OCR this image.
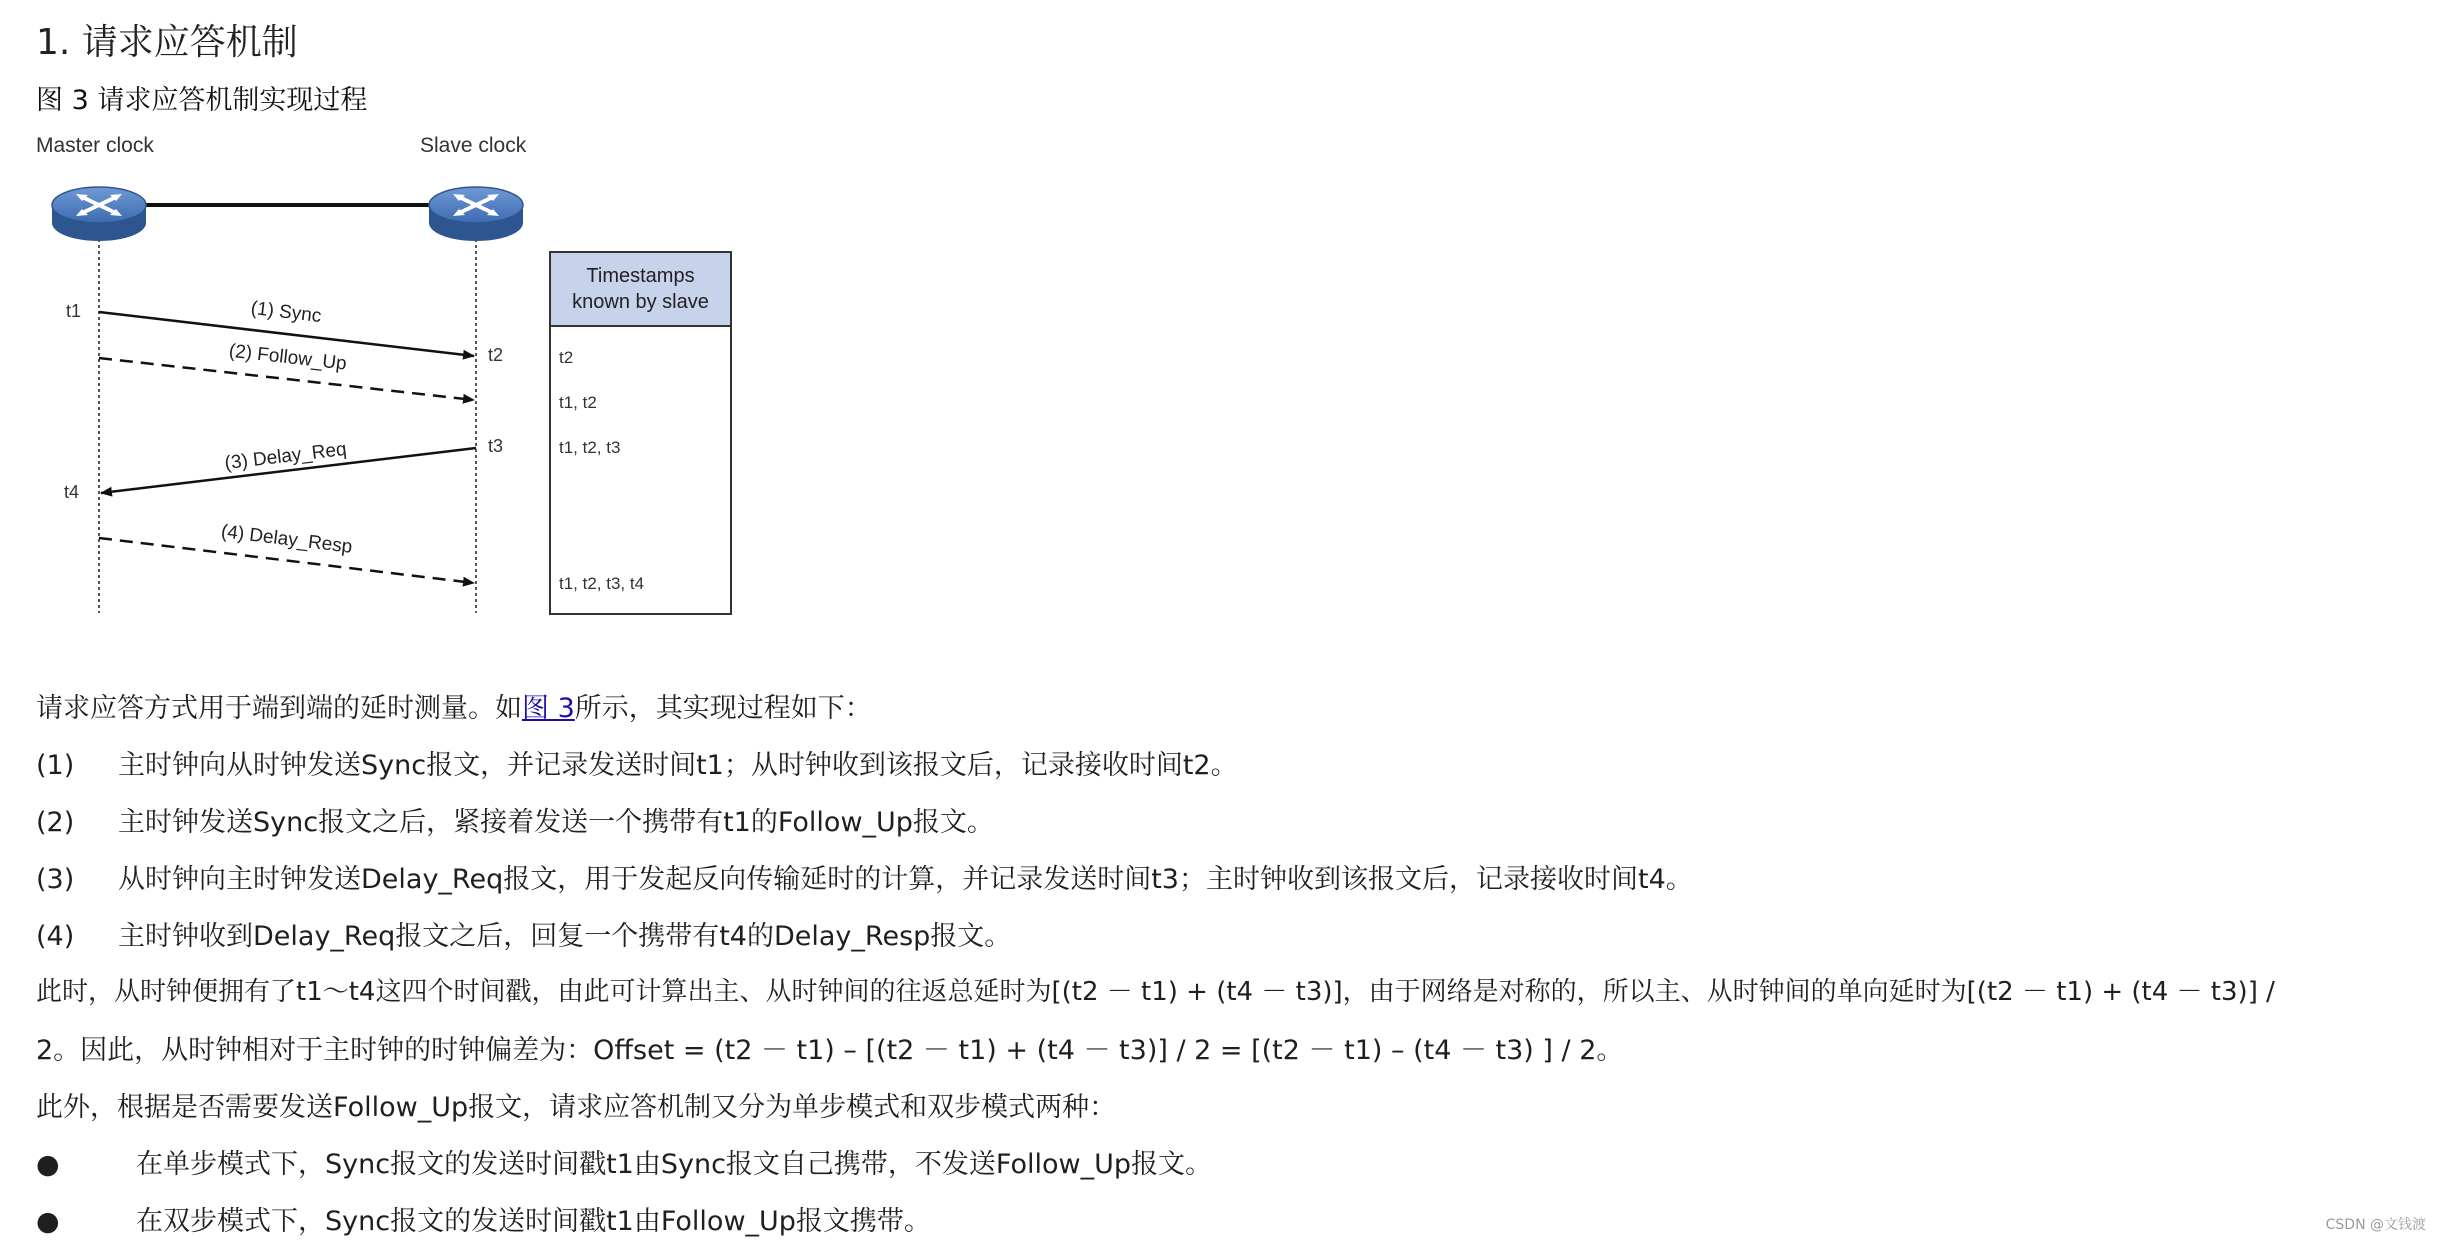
1. 请求应答机制

图 3 请求应答机制实现过程

Master clock	Slave clock
t1
t2
t3
t4
(1) Sync
(2) Follow_Up
(3) Delay_Req
(4) Delay_Resp
Timestamps
known by slave
t2
t1, t2
t1, t2, t3
t1, t2, t3, t4

请求应答方式用于端到端的延时测量。如图 3所示，其实现过程如下：

(1) 主时钟向从时钟发送Sync报文，并记录发送时间t1；从时钟收到该报文后，记录接收时间t2。

(2) 主时钟发送Sync报文之后，紧接着发送一个携带有t1的Follow_Up报文。

(3) 从时钟向主时钟发送Delay_Req报文，用于发起反向传输延时的计算，并记录发送时间t3；主时钟收到该报文后，记录接收时间t4。

(4) 主时钟收到Delay_Req报文之后，回复一个携带有t4的Delay_Resp报文。

此时，从时钟便拥有了t1～t4这四个时间戳，由此可计算出主、从时钟间的往返总延时为[(t2 － t1) + (t4 － t3)]，由于网络是对称的，所以主、从时钟间的单向延时为[(t2 － t1) + (t4 － t3)] /

2。因此，从时钟相对于主时钟的时钟偏差为：Offset = (t2 － t1) – [(t2 － t1) + (t4 － t3)] / 2 = [(t2 － t1) – (t4 － t3) ] / 2。

此外，根据是否需要发送Follow_Up报文，请求应答机制又分为单步模式和双步模式两种：

●	在单步模式下，Sync报文的发送时间戳t1由Sync报文自己携带，不发送Follow_Up报文。

●	在双步模式下，Sync报文的发送时间戳t1由Follow_Up报文携带。	CSDN @文钱渡
